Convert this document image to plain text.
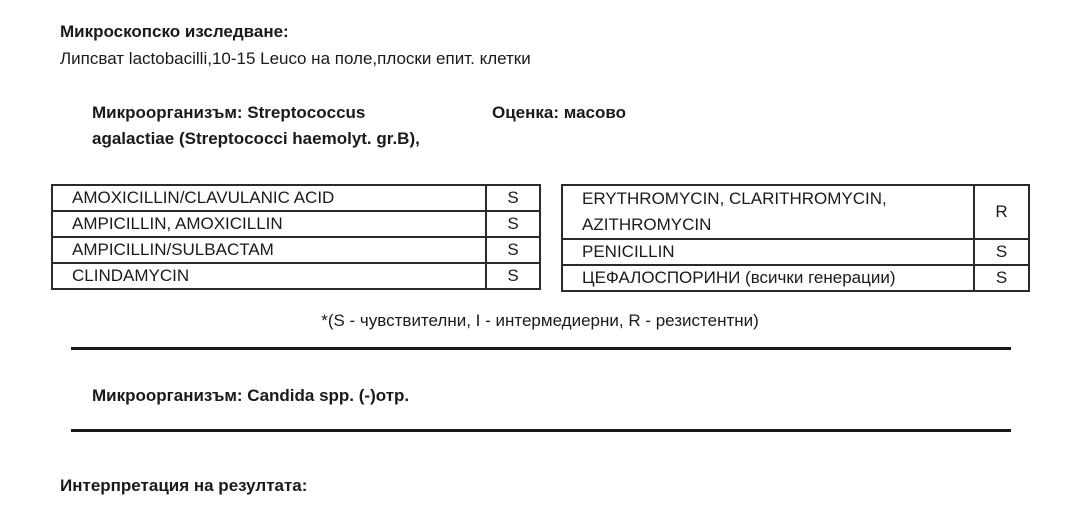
Микроскопско изследване:
Липсват lactobacilli,10-15 Leuco на поле,плоски епит. клетки
Микроорганизъм: Streptococcus agalactiae (Streptococci haemolyt. gr.B),
Оценка: масово
AMOXICILLIN/CLAVULANIC ACID	S
AMPICILLIN, AMOXICILLIN	S
AMPICILLIN/SULBACTAM	S
CLINDAMYCIN	S
ERYTHROMYCIN, CLARITHROMYCIN, AZITHROMYCIN	R
PENICILLIN	S
ЦЕФАЛОСПОРИНИ (всички генерации)	S
*(S - чувствителни, I - интермедиерни, R - резистентни)
Микроорганизъм: Candida spp. (-)отр.
Интерпретация на резултата:
